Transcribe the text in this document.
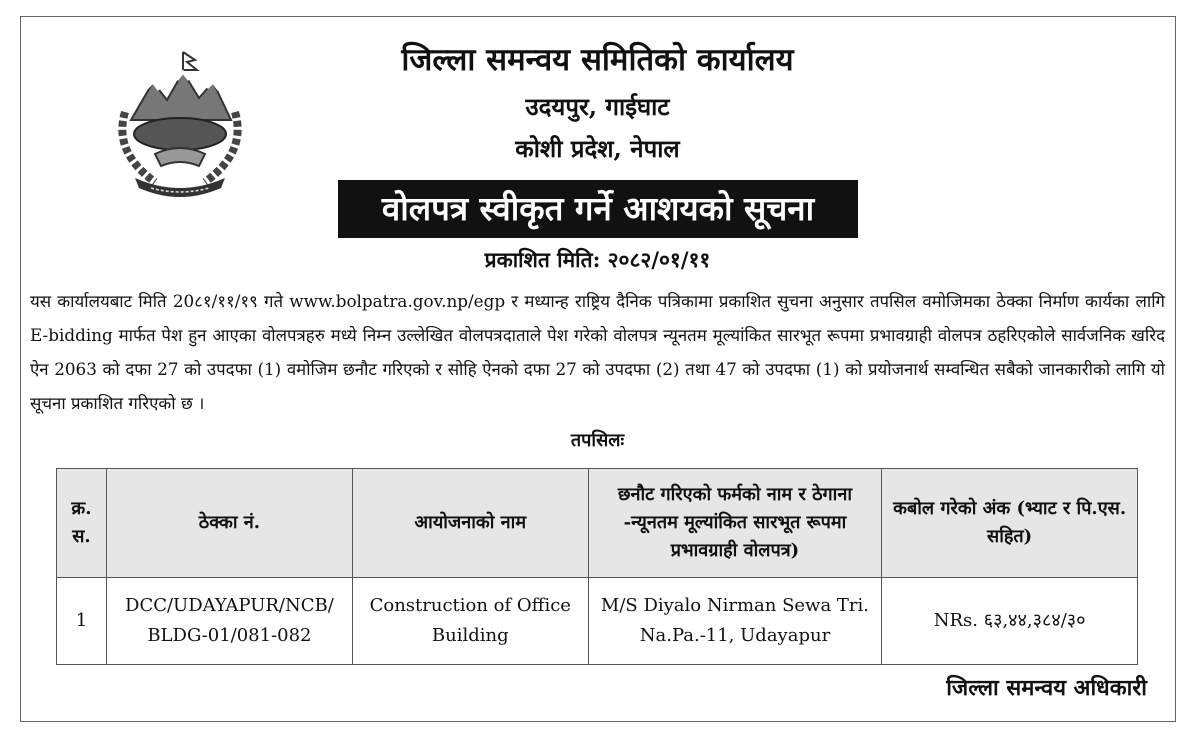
जिल्ला समन्वय समितिको कार्यालय
उदयपुर, गाईघाट
कोशी प्रदेश, नेपाल
वोलपत्र स्वीकृत गर्ने आशयको सूचना
प्रकाशित मिति: २०८२/०१/११
यस कार्यालयबाट मिति 20८१/११/१९ गते www.bolpatra.gov.np/egp र मध्यान्ह राष्ट्रिय दैनिक पत्रिकामा प्रकाशित सुचना अनुसार तपसिल वमोजिमका ठेक्का निर्माण कार्यका लागि E-bidding मार्फत पेश हुन आएका वोलपत्रहरु मध्ये निम्न उल्लेखित वोलपत्रदाताले पेश गरेको वोलपत्र न्यूनतम मूल्यांकित सारभूत रूपमा प्रभावग्राही वोलपत्र ठहरिएकोले सार्वजनिक खरिद ऐन 2063 को दफा 27 को उपदफा (1) वमोजिम छनौट गरिएको र सोहि ऐनको दफा 27 को उपदफा (2) तथा 47 को उपदफा (1) को प्रयोजनार्थ सम्वन्धित सबैको जानकारीको लागि यो सूचना प्रकाशित गरिएको छ ।
तपसिलः
क्र. स.	ठेक्का नं.	आयोजनाको नाम	छनौट गरिएको फर्मको नाम र ठेगाना -न्यूनतम मूल्यांकित सारभूत रूपमा प्रभावग्राही वोलपत्र)	कबोल गरेको अंक (भ्याट र पि.एस. सहित)
1	DCC/UDAYAPUR/NCB/ BLDG-01/081-082	Construction of Office Building	M/S Diyalo Nirman Sewa Tri. Na.Pa.-11, Udayapur	NRs. ६३,४४,३८४/३०
जिल्ला समन्वय अधिकारी
